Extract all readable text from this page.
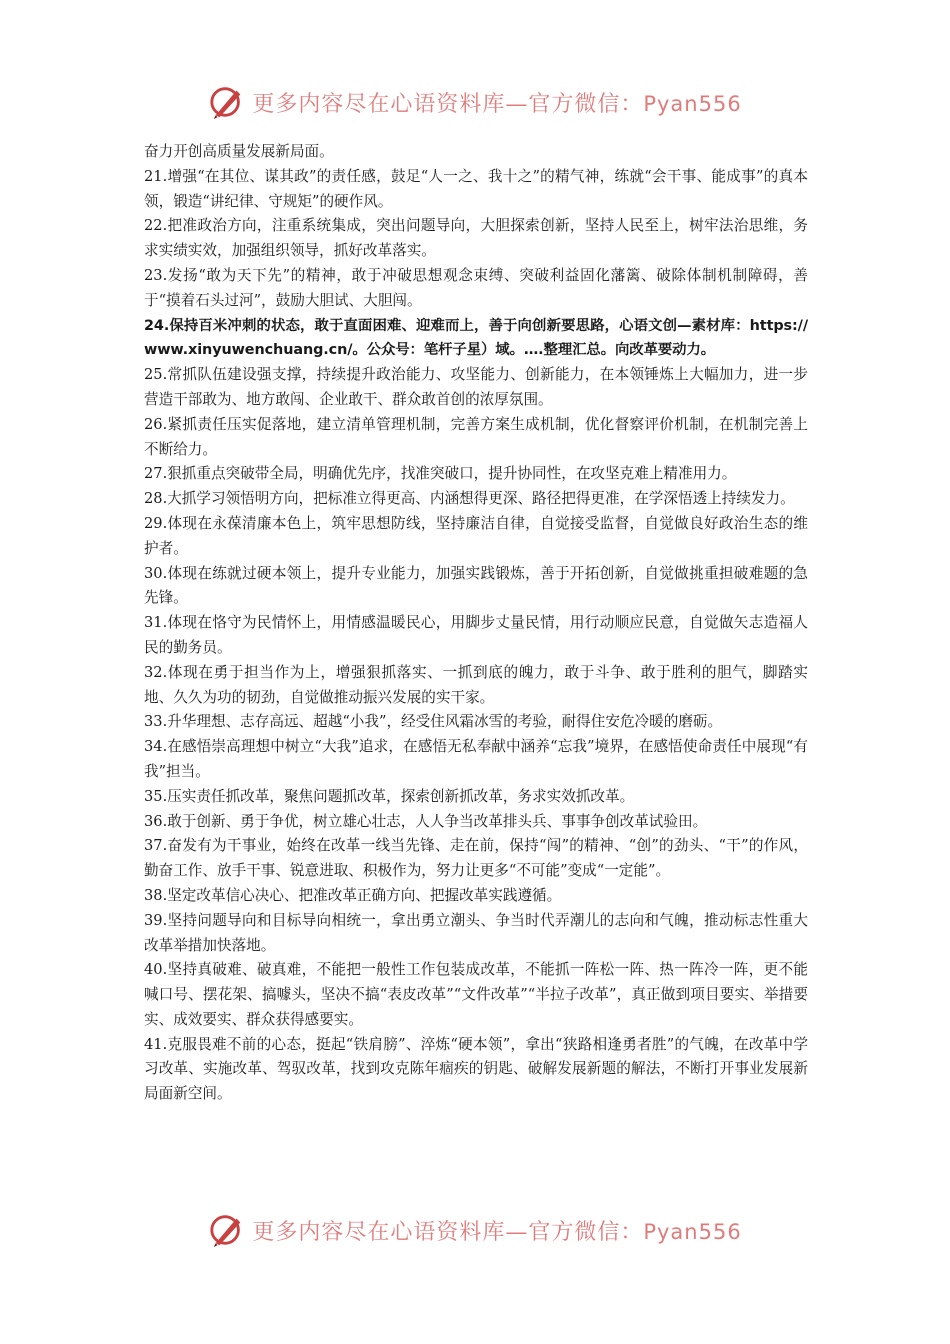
更多内容尽在心语资料库—官方微信：Pyan556

奋力开创高质量发展新局面。

21.增强“在其位、谋其政”的责任感，鼓足“人一之、我十之”的精气神，练就“会干事、能成事”的真本领，锻造“讲纪律、守规矩”的硬作风。

22.把准政治方向，注重系统集成，突出问题导向，大胆探索创新，坚持人民至上，树牢法治思维，务求实绩实效，加强组织领导，抓好改革落实。

23.发扬“敢为天下先”的精神，敢于冲破思想观念束缚、突破利益固化藩篱、破除体制机制障碍，善于“摸着石头过河”，鼓励大胆试、大胆闯。

24.保持百米冲刺的状态，敢于直面困难、迎难而上，善于向创新要思路，心语文创—素材库：https://www.xinyuwenchuang.cn/。公众号：笔杆子星）域。….整理汇总。向改革要动力。

25.常抓队伍建设强支撑，持续提升政治能力、攻坚能力、创新能力，在本领锤炼上大幅加力，进一步营造干部敢为、地方敢闯、企业敢干、群众敢首创的浓厚氛围。

26.紧抓责任压实促落地，建立清单管理机制，完善方案生成机制，优化督察评价机制，在机制完善上不断给力。

27.狠抓重点突破带全局，明确优先序，找准突破口，提升协同性，在攻坚克难上精准用力。

28.大抓学习领悟明方向，把标准立得更高、内涵想得更深、路径把得更准，在学深悟透上持续发力。

29.体现在永葆清廉本色上，筑牢思想防线，坚持廉洁自律，自觉接受监督，自觉做良好政治生态的维护者。

30.体现在练就过硬本领上，提升专业能力，加强实践锻炼，善于开拓创新，自觉做挑重担破难题的急先锋。

31.体现在恪守为民情怀上，用情感温暖民心，用脚步丈量民情，用行动顺应民意，自觉做矢志造福人民的勤务员。

32.体现在勇于担当作为上，增强狠抓落实、一抓到底的魄力，敢于斗争、敢于胜利的胆气，脚踏实地、久久为功的韧劲，自觉做推动振兴发展的实干家。

33.升华理想、志存高远、超越“小我”，经受住风霜冰雪的考验，耐得住安危冷暖的磨砺。

34.在感悟崇高理想中树立“大我”追求，在感悟无私奉献中涵养“忘我”境界，在感悟使命责任中展现“有我”担当。

35.压实责任抓改革，聚焦问题抓改革，探索创新抓改革，务求实效抓改革。

36.敢于创新、勇于争优，树立雄心壮志，人人争当改革排头兵、事事争创改革试验田。

37.奋发有为干事业，始终在改革一线当先锋、走在前，保持“闯”的精神、“创”的劲头、“干”的作风，勤奋工作、放手干事、锐意进取、积极作为，努力让更多“不可能”变成“一定能”。

38.坚定改革信心决心、把准改革正确方向、把握改革实践遵循。

39.坚持问题导向和目标导向相统一，拿出勇立潮头、争当时代弄潮儿的志向和气魄，推动标志性重大改革举措加快落地。

40.坚持真破难、破真难，不能把一般性工作包装成改革，不能抓一阵松一阵、热一阵冷一阵，更不能喊口号、摆花架、搞噱头，坚决不搞“表皮改革”“文件改革”“半拉子改革”，真正做到项目要实、举措要实、成效要实、群众获得感要实。

41.克服畏难不前的心态，挺起“铁肩膀”、淬炼“硬本领”，拿出“狭路相逢勇者胜”的气魄，在改革中学习改革、实施改革、驾驭改革，找到攻克陈年痼疾的钥匙、破解发展新题的解法，不断打开事业发展新局面新空间。

更多内容尽在心语资料库—官方微信：Pyan556
